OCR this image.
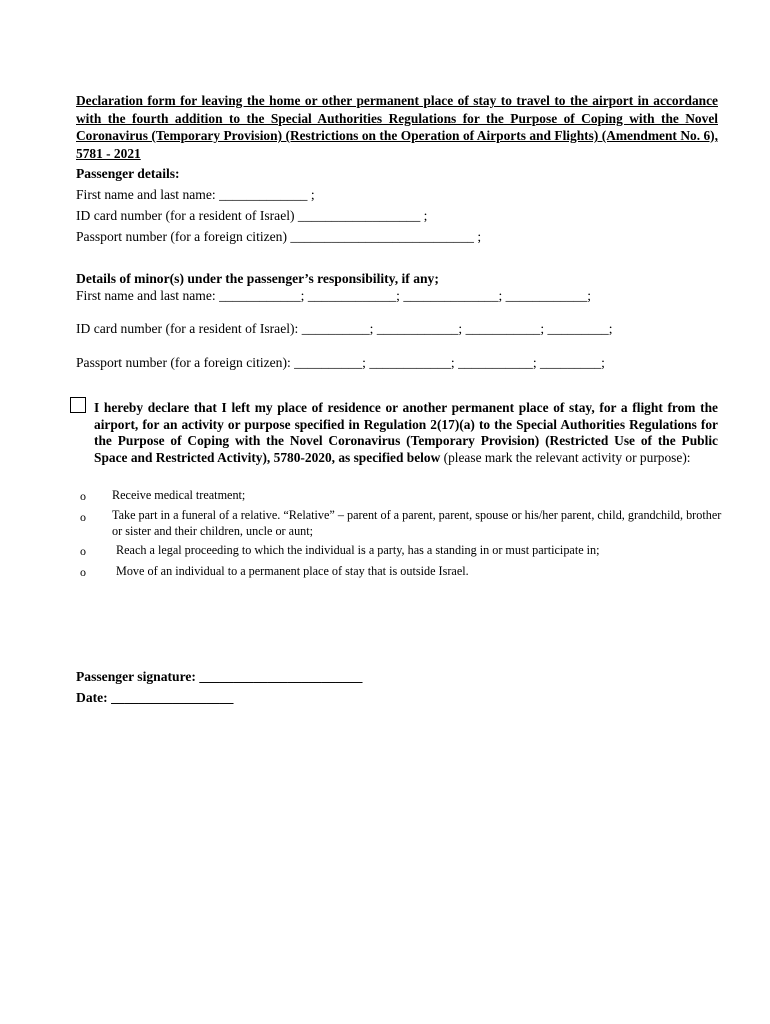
Declaration form for leaving the home or other permanent place of stay to travel to the airport in accordance with the fourth addition to the Special Authorities Regulations for the Purpose of Coping with the Novel Coronavirus (Temporary Provision) (Restrictions on the Operation of Airports and Flights) (Amendment No. 6), 5781 - 2021
Passenger details:
First name and last name: _____________ ;
ID card number (for a resident of Israel) __________________ ;
Passport number (for a foreign citizen) ___________________________ ;
Details of minor(s) under the passenger’s responsibility, if any;
First name and last name: ____________; _____________; ______________; ____________;
ID card number (for a resident of Israel): __________; ____________; ___________; _________;
Passport number (for a foreign citizen): __________; ____________; ___________; _________;
I hereby declare that I left my place of residence or another permanent place of stay, for a flight from the airport, for an activity or purpose specified in Regulation 2(17)(a) to the Special Authorities Regulations for the Purpose of Coping with the Novel Coronavirus (Temporary Provision) (Restricted Use of the Public Space and Restricted Activity), 5780-2020, as specified below (please mark the relevant activity or purpose):
o Receive medical treatment;
o Take part in a funeral of a relative. “Relative” – parent of a parent, parent, spouse or his/her parent, child, grandchild, brother or sister and their children, uncle or aunt;
o Reach a legal proceeding to which the individual is a party, has a standing in or must participate in;
o Move of an individual to a permanent place of stay that is outside Israel.
Passenger signature: ________________________
Date: __________________
